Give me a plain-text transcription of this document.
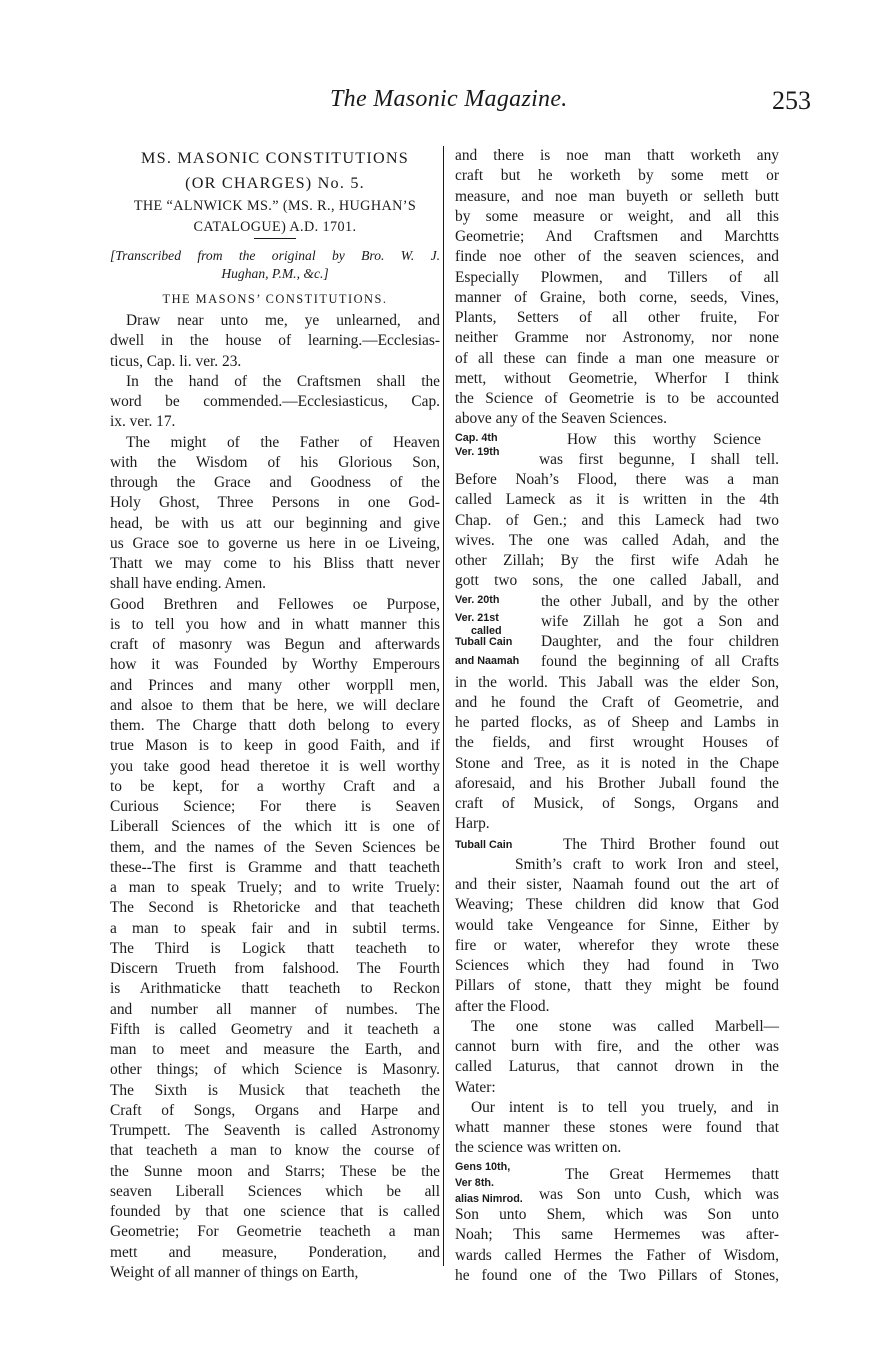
The Masonic Magazine.	253
MS. MASONIC CONSTITUTIONS
(OR CHARGES) No. 5.
THE “ALNWICK MS.” (MS. R., HUGHAN’S
CATALOGUE) A.D. 1701.
[Transcribed from the original by Bro. W. J.
Hughan, P.M., &c.]
THE MASONS’ CONSTITUTIONS.
Draw near unto me, ye unlearned, and
dwell in the house of learning.—Ecclesias-
ticus, Cap. li. ver. 23.
In the hand of the Craftsmen shall the
word be commended.—Ecclesiasticus, Cap.
ix. ver. 17.
The might of the Father of Heaven
with the Wisdom of his Glorious Son,
through the Grace and Goodness of the
Holy Ghost, Three Persons in one God-
head, be with us att our beginning and give
us Grace soe to governe us here in oe Liveing,
Thatt we may come to his Bliss thatt never
shall have ending. Amen.
Good Brethren and Fellowes oe Purpose,
is to tell you how and in whatt manner this
craft of masonry was Begun and afterwards
how it was Founded by Worthy Emperours
and Princes and many other worppll men,
and alsoe to them that be here, we will declare
them. The Charge thatt doth belong to every
true Mason is to keep in good Faith, and if
you take good head theretoe it is well worthy
to be kept, for a worthy Craft and a
Curious Science; For there is Seaven
Liberall Sciences of the which itt is one of
them, and the names of the Seven Sciences be
these--The first is Gramme and thatt teacheth
a man to speak Truely; and to write Truely:
The Second is Rhetoricke and that teacheth
a man to speak fair and in subtil terms.
The Third is Logick thatt teacheth to
Discern Trueth from falshood. The Fourth
is Arithmaticke thatt teacheth to Reckon
and number all manner of numbes. The
Fifth is called Geometry and it teacheth a
man to meet and measure the Earth, and
other things; of which Science is Masonry.
The Sixth is Musick that teacheth the
Craft of Songs, Organs and Harpe and
Trumpett. The Seaventh is called Astronomy
that teacheth a man to know the course of
the Sunne moon and Starrs; These be the
seaven Liberall Sciences which be all
founded by that one science that is called
Geometrie; For Geometrie teacheth a man
mett and measure, Ponderation, and
Weight of all manner of things on Earth,
and there is noe man thatt worketh any
craft but he worketh by some mett or
measure, and noe man buyeth or selleth butt
by some measure or weight, and all this
Geometrie; And Craftsmen and Marchtts
finde noe other of the seaven sciences, and
Especially Plowmen, and Tillers of all
manner of Graine, both corne, seeds, Vines,
Plants, Setters of all other fruite, For
neither Gramme nor Astronomy, nor none
of all these can finde a man one measure or
mett, without Geometrie, Wherfor I think
the Science of Geometrie is to be accounted
above any of the Seaven Sciences.
Cap. 4th
Ver. 19th
How this worthy Science
was first begunne, I shall tell.
Before Noah’s Flood, there was a man
called Lameck as it is written in the 4th
Chap. of Gen.; and this Lameck had two
wives. The one was called Adah, and the
other Zillah; By the first wife Adah he
gott two sons, the one called Jaball, and
Ver. 20th	the other Juball, and by the other
Ver. 21st
called
wife Zillah he got a Son and
Tuball Cain Daughter, and the four children
and Naamah found the beginning of all Crafts
in the world. This Jaball was the elder Son,
and he found the Craft of Geometrie, and
he parted flocks, as of Sheep and Lambs in
the fields, and first wrought Houses of
Stone and Tree, as it is noted in the Chape
aforesaid, and his Brother Juball found the
craft of Musick, of Songs, Organs and
Harp.
Tuball Cain	The Third Brother found out
Smith’s craft to work Iron and steel,
and their sister, Naamah found out the art of
Weaving; These children did know that God
would take Vengeance for Sinne, Either by
fire or water, wherefor they wrote these
Sciences which they had found in Two
Pillars of stone, thatt they might be found
after the Flood.
The one stone was called Marbell—
cannot burn with fire, and the other was
called Laturus, that cannot drown in the
Water:
Our intent is to tell you truely, and in
whatt manner these stones were found that
the science was written on.
Gens 10th,
Ver 8th.
alias Nimrod.
The Great Hermemes thatt
was Son unto Cush, which was
Son unto Shem, which was Son unto
Noah; This same Hermemes was after-
wards called Hermes the Father of Wisdom,
he found one of the Two Pillars of Stones,
